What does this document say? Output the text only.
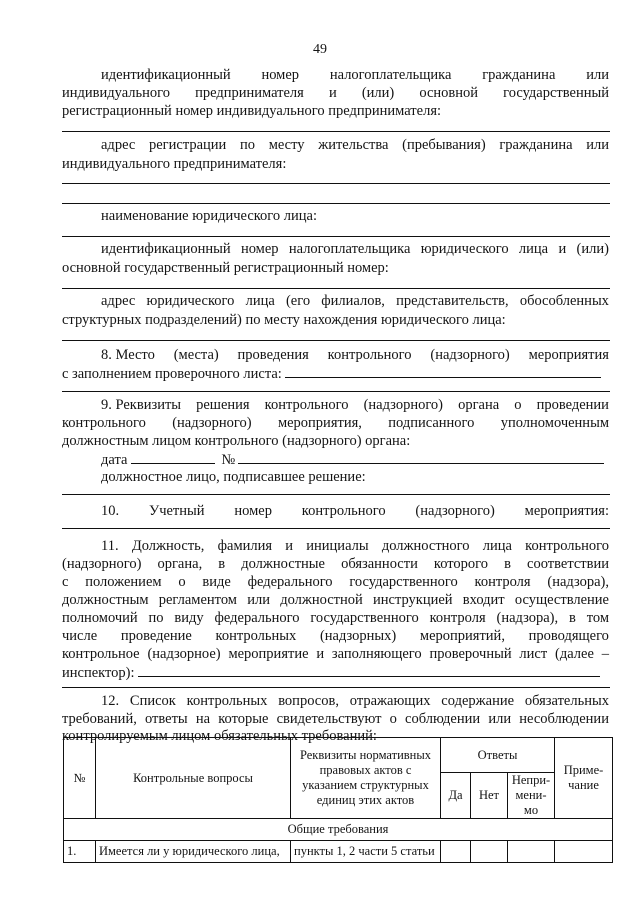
49
идентификационный номер налогоплательщика гражданина или
индивидуального предпринимателя и (или) основной государственный
регистрационный номер индивидуального предпринимателя:
адрес регистрации по месту жительства (пребывания) гражданина или
индивидуального предпринимателя:
наименование юридического лица:
идентификационный номер налогоплательщика юридического лица и (или)
основной государственный регистрационный номер:
адрес юридического лица (его филиалов, представительств, обособленных
структурных подразделений) по месту нахождения юридического лица:
8. Место (места) проведения контрольного (надзорного) мероприятия
с заполнением проверочного листа:
9. Реквизиты решения контрольного (надзорного) органа о проведении
контрольного (надзорного) мероприятия, подписанного уполномоченным
должностным лицом контрольного (надзорного) органа:
дата	№
должностное лицо, подписавшее решение:
10. Учетный номер контрольного (надзорного) мероприятия:
11. Должность, фамилия и инициалы должностного лица контрольного
(надзорного) органа, в должностные обязанности которого в соответствии
с положением о виде федерального государственного контроля (надзора),
должностным регламентом или должностной инструкцией входит осуществление
полномочий по виду федерального государственного контроля (надзора), в том
числе проведение контрольных (надзорных) мероприятий, проводящего
контрольное (надзорное) мероприятие и заполняющего проверочный лист (далее –
инспектор):
12. Список контрольных вопросов, отражающих содержание обязательных
требований, ответы на которые свидетельствуют о соблюдении или несоблюдении
контролируемым лицом обязательных требований:
№	Контрольные вопросы	Реквизиты нормативных правовых актов с указанием структурных единиц этих актов	Ответы			Приме-чание
			Да	Нет	Непри-менимо	
Общие требования						
1.	Имеется ли у юридического лица,	пункты 1, 2 части 5 статьи				
